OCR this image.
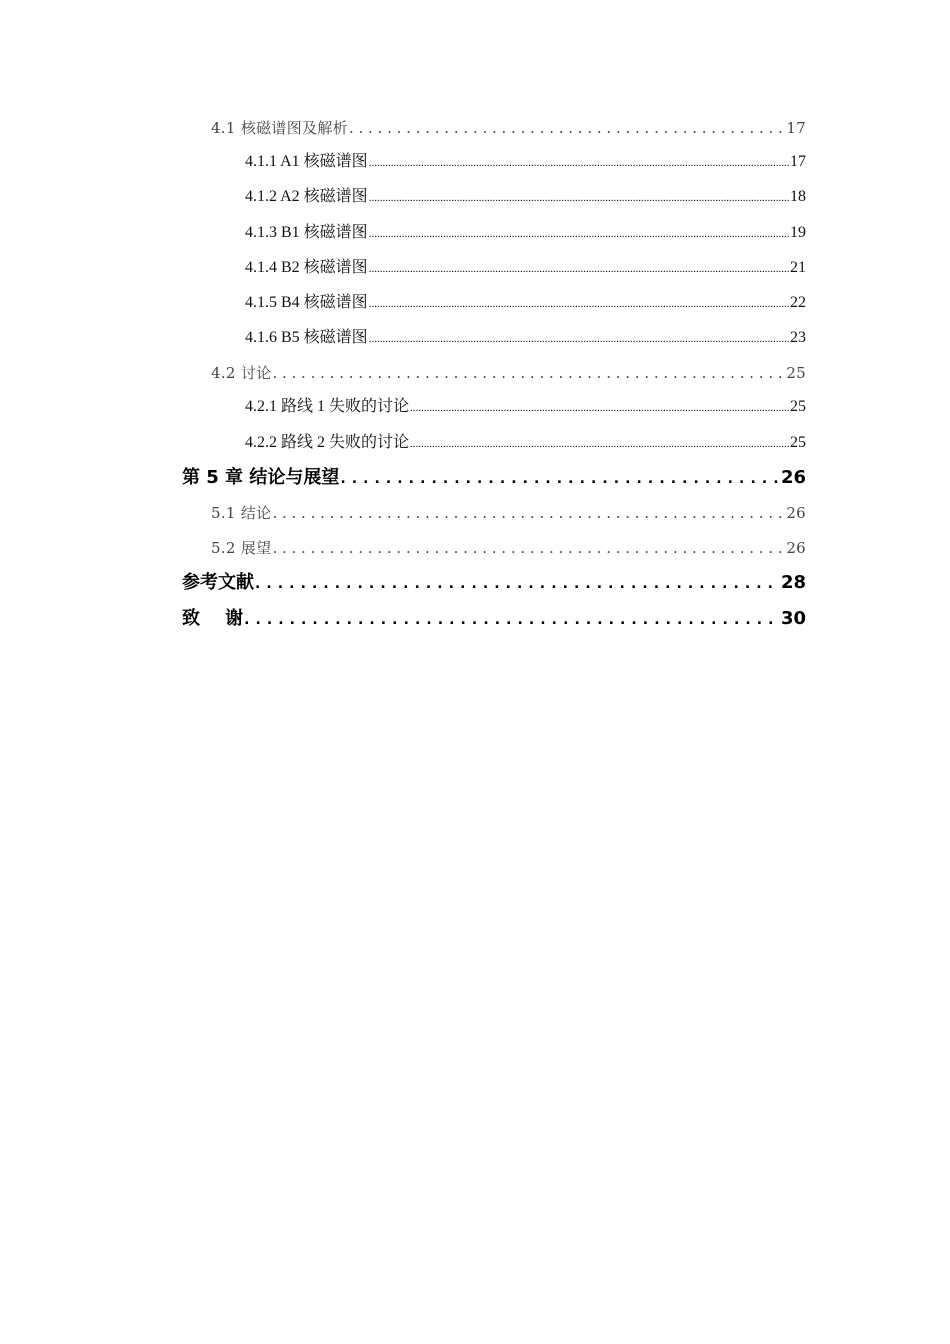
4.1 核磁谱图及解析 . . .	17
4.1.1 A1 核磁谱图 .....	17
4.1.2 A2 核磁谱图 .....	18
4.1.3 B1 核磁谱图 .....	19
4.1.4 B2 核磁谱图 .....	21
4.1.5 B4 核磁谱图 .....	22
4.1.6 B5 核磁谱图 .....	23
4.2 讨论 . . .	25
4.2.1 路线 1 失败的讨论 .....	25
4.2.2 路线 2 失败的讨论 .....	25
第 5 章 结论与展望 . . .	26
5.1 结论 . . .	26
5.2 展望 . . .	26
参考文献 . . .	28
致    谢 . . .	30
